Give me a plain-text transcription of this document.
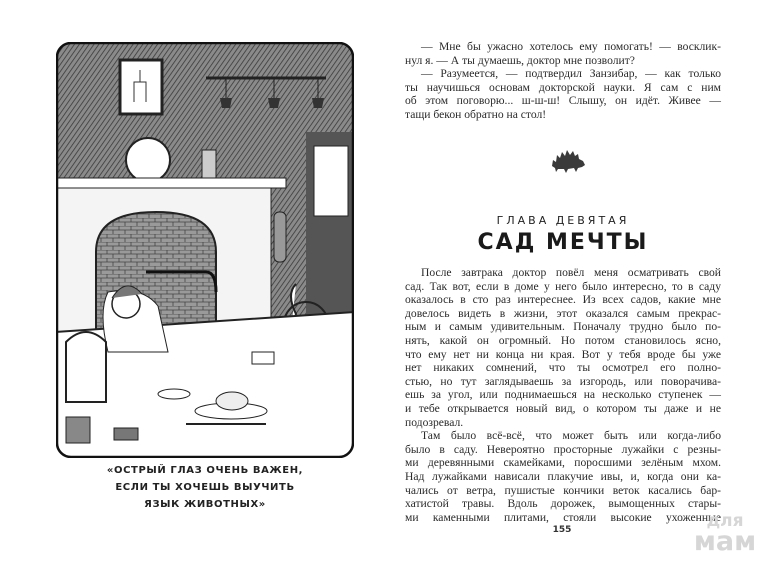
«ОСТРЫЙ ГЛАЗ ОЧЕНЬ ВАЖЕН,
ЕСЛИ ТЫ ХОЧЕШЬ ВЫУЧИТЬ
ЯЗЫК ЖИВОТНЫХ»
— Мне бы ужасно хотелось ему помогать! — восклик-
нул я. — А ты думаешь, доктор мне позволит?
— Разумеется, — подтвердил Занзибар, — как только
ты научишься основам докторской науки. Я сам с ним
об этом поговорю... ш-ш-ш! Слышу, он идёт. Живее —
тащи бекон обратно на стол!
ГЛАВА ДЕВЯТАЯ
САД МЕЧТЫ
После завтрака доктор повёл меня осматривать свой
сад. Так вот, если в доме у него было интересно, то в саду
оказалось в сто раз интереснее. Из всех садов, какие мне
довелось видеть в жизни, этот оказался самым прекрас-
ным и самым удивительным. Поначалу трудно было по-
нять, какой он огромный. Но потом становилось ясно,
что ему нет ни конца ни края. Вот у тебя вроде бы уже
нет никаких сомнений, что ты осмотрел его полно-
стью, но тут заглядываешь за изгородь, или поворачива-
ешь за угол, или поднимаешься на несколько ступенек —
и тебе открывается новый вид, о котором ты даже и не
подозревал.
Там было всё-всё, что может быть или когда-либо
было в саду. Невероятно просторные лужайки с резны-
ми деревянными скамейками, поросшими зелёным мхом.
Над лужайками нависали плакучие ивы, и, когда они ка-
чались от ветра, пушистые кончики веток касались бар-
хатистой травы. Вдоль дорожек, вымощенных стары-
ми каменными плитами, стояли высокие ухоженные
155	для
мам
